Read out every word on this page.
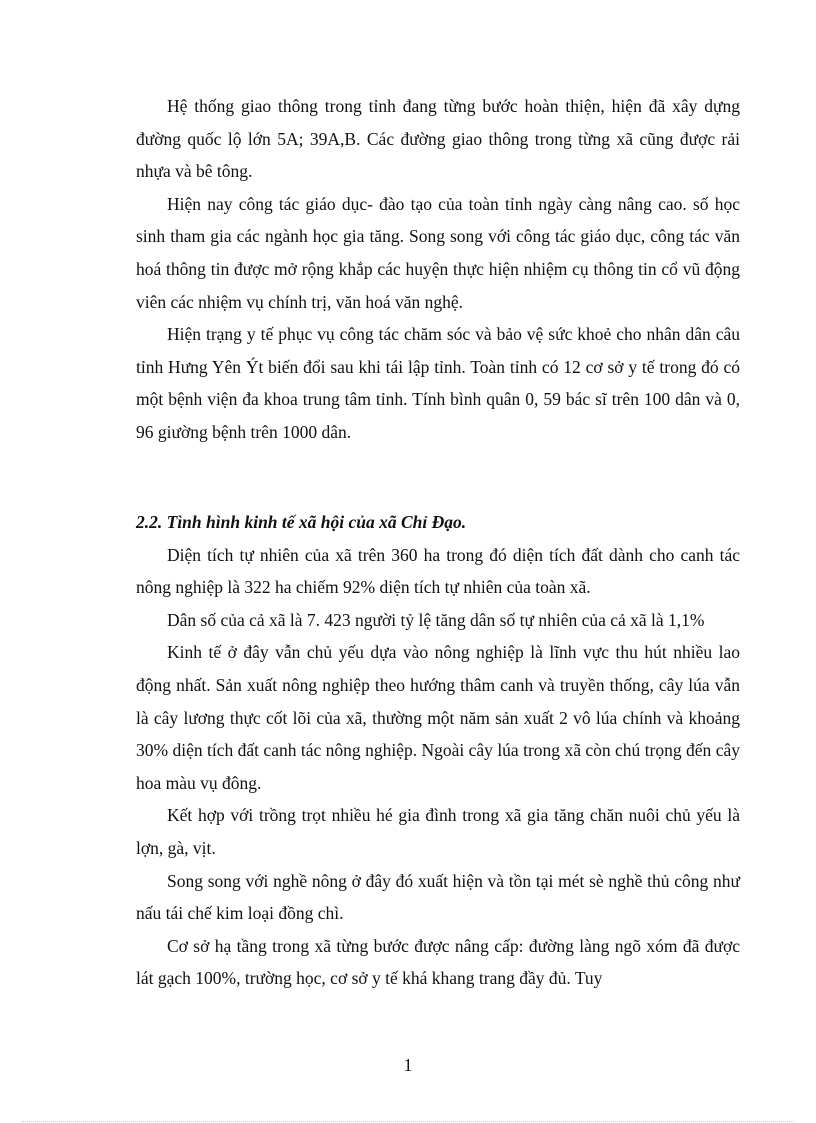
Hệ thống giao thông trong tỉnh đang từng bước hoàn thiện, hiện đã xây dựng đường quốc lộ lớn 5A; 39A,B. Các đường giao thông trong từng xã cũng được rải nhựa và bê tông.

Hiện nay công tác giáo dục- đào tạo của toàn tỉnh ngày càng nâng cao. số học sinh tham gia các ngành học gia tăng. Song song với công tác giáo dục, công tác văn hoá thông tin được mở rộng khắp các huyện thực hiện nhiệm cụ thông tin cổ vũ động viên các nhiệm vụ chính trị, văn hoá văn nghệ.

Hiện trạng y tế phục vụ công tác chăm sóc và bảo vệ sức khoẻ cho nhân dân câu tỉnh Hưng Yên Ýt biến đổi sau khi tái lập tỉnh. Toàn tỉnh có 12 cơ sở y tế trong đó có một bệnh viện đa khoa trung tâm tỉnh. Tính bình quân 0, 59 bác sĩ trên 100 dân và 0, 96 giường bệnh trên 1000 dân.

2.2. Tình hình kinh tế xã hội của xã Chỉ Đạo.

Diện tích tự nhiên của xã trên 360 ha trong đó diện tích đất dành cho canh tác nông nghiệp là 322 ha chiếm 92% diện tích tự nhiên của toàn xã.

Dân số của cả xã là 7. 423 người tỷ lệ tăng dân số tự nhiên của cả xã là 1,1%

Kinh tế ở đây vẫn chủ yếu dựa vào nông nghiệp là lĩnh vực thu hút nhiều lao động nhất. Sản xuất nông nghiệp theo hướng thâm canh và truyền thống, cây lúa vẫn là cây lương thực cốt lõi của xã, thường một năm sản xuất 2 vô lúa chính và khoảng 30% diện tích đất canh tác nông nghiệp. Ngoài cây lúa trong xã còn chú trọng đến cây hoa màu vụ đông.

Kết hợp với trồng trọt nhiều hé gia đình trong xã gia tăng chăn nuôi chủ yếu là lợn, gà, vịt.

Song song với nghề nông ở đây đó xuất hiện và tồn tại mét sè nghề thủ công như nấu tái chế kim loại đồng chì.

Cơ sở hạ tầng trong xã từng bước được nâng cấp: đường làng ngõ xóm đã được lát gạch 100%, trường học, cơ sở y tế khá khang trang đầy đủ. Tuy

1
